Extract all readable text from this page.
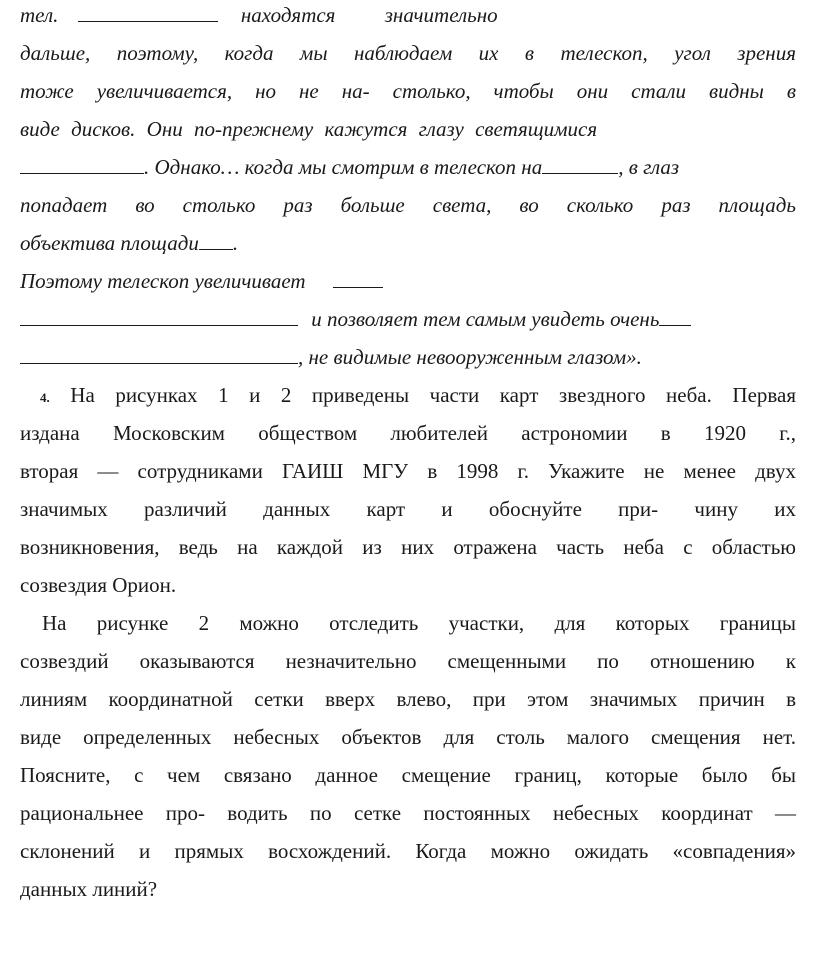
тел.	находятся значительно
дальше, поэтому, когда мы наблюдаем их в телескоп, угол зрения
тоже увеличивается, но не на- столько, чтобы они стали видны в
виде дисков. Они по-прежнему кажутся глазу светящимися
. Однако… когда мы смотрим в телескоп на	, в глаз
попадает во столько раз больше света, во сколько раз площадь
объектива площади .
Поэтому телескоп увеличивает
и позволяет тем самым увидеть очень
, не видимые невооруженным глазом».
4. На рисунках 1 и 2 приведены части карт звездного неба. Первая
издана Московским обществом любителей астрономии в 1920 г.,
вторая — сотрудниками ГАИШ МГУ в 1998 г. Укажите не менее двух
значимых различий данных карт и обоснуйте при- чину их
возникновения, ведь на каждой из них отражена часть неба с областью
созвездия Орион.
На рисунке 2 можно отследить участки, для которых границы
созвездий оказываются незначительно смещенными по отношению к
линиям координатной сетки вверх влево, при этом значимых причин в
виде определенных небесных объектов для столь малого смещения нет.
Поясните, с чем связано данное смещение границ, которые было бы
рациональнее про- водить по сетке постоянных небесных координат —
склонений и прямых восхождений. Когда можно ожидать «совпадения»
данных линий?
